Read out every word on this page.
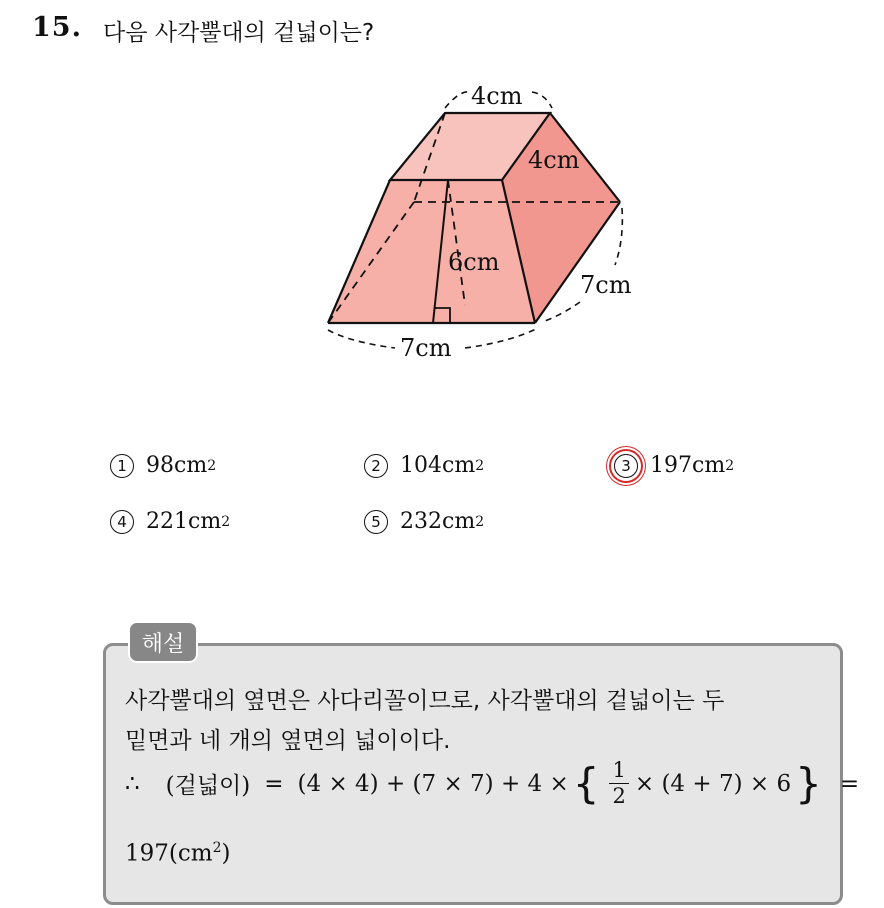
15. 다음 사각뿔대의 겉넓이는?
4cm
4cm
6cm
7cm
7cm
1 98cm 2	2 104cm 2	3 197cm 2
4 221cm 2	5 232cm 2
해설
사각뿔대의 옆면은 사다리꼴이므로, 사각뿔대의 겉넓이는 두
밑면과 네 개의 옆면의 넓이이다.
∴ (겉넓이) = (4 × 4) + (7 × 7) + 4 × { $\frac{1}{2} \times (4 + 7) \times 6$ } =
$197(cm^2)$
